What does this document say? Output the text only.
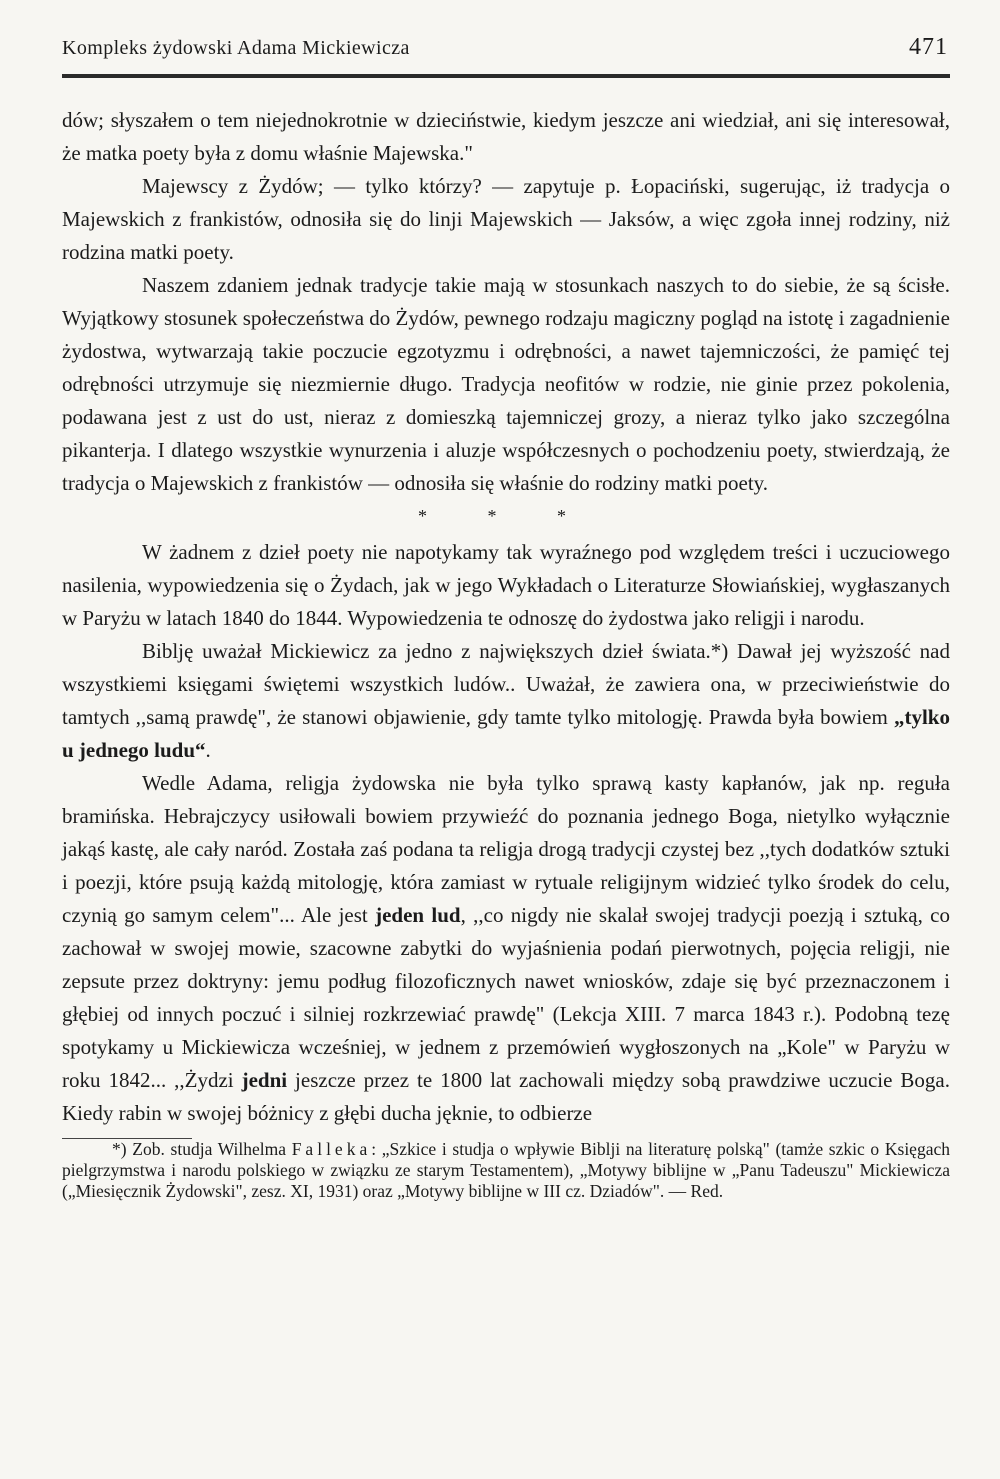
Kompleks żydowski Adama Mickiewicza	471

dów; słyszałem o tem niejednokrotnie w dzieciństwie, kiedym jeszcze ani wiedział, ani się interesował, że matka poety była z domu właśnie Majewska."

Majewscy z Żydów; — tylko którzy? — zapytuje p. Łopaciński, sugerując, iż tradycja o Majewskich z frankistów, odnosiła się do linji Majewskich — Jaksów, a więc zgoła innej rodziny, niż rodzina matki poety.

Naszem zdaniem jednak tradycje takie mają w stosunkach naszych to do siebie, że są ścisłe. Wyjątkowy stosunek społeczeństwa do Żydów, pewnego rodzaju magiczny pogląd na istotę i zagadnienie żydostwa, wytwarzają takie poczucie egzotyzmu i odrębności, a nawet tajemniczości, że pamięć tej odrębności utrzymuje się niezmiernie długo. Tradycja neofitów w rodzie, nie ginie przez pokolenia, podawana jest z ust do ust, nieraz z domieszką tajemniczej grozy, a nieraz tylko jako szczególna pikanterja. I dlatego wszystkie wynurzenia i aluzje współczesnych o pochodzeniu poety, stwierdzają, że tradycja o Majewskich z frankistów — odnosiła się właśnie do rodziny matki poety.

* * *

W żadnem z dzieł poety nie napotykamy tak wyraźnego pod względem treści i uczuciowego nasilenia, wypowiedzenia się o Żydach, jak w jego Wykładach o Literaturze Słowiańskiej, wygłaszanych w Paryżu w latach 1840 do 1844. Wypowiedzenia te odnoszę do żydostwa jako religji i narodu.

Biblję uważał Mickiewicz za jedno z największych dzieł świata.*) Dawał jej wyższość nad wszystkiemi księgami świętemi wszystkich ludów.. Uważał, że zawiera ona, w przeciwieństwie do tamtych ,,samą prawdę", że stanowi objawienie, gdy tamte tylko mitologję. Prawda była bowiem „tylko u jednego ludu“.

Wedle Adama, religja żydowska nie była tylko sprawą kasty kapłanów, jak np. reguła bramińska. Hebrajczycy usiłowali bowiem przywieźć do poznania jednego Boga, nietylko wyłącznie jakąś kastę, ale cały naród. Została zaś podana ta religja drogą tradycji czystej bez ,,tych dodatków sztuki i poezji, które psują każdą mitologję, która zamiast w rytuale religijnym widzieć tylko środek do celu, czynią go samym celem"... Ale jest jeden lud, ,,co nigdy nie skalał swojej tradycji poezją i sztuką, co zachował w swojej mowie, szacowne zabytki do wyjaśnienia podań pierwotnych, pojęcia religji, nie zepsute przez doktryny: jemu podług filozoficznych nawet wniosków, zdaje się być przeznaczonem i głębiej od innych poczuć i silniej rozkrzewiać prawdę" (Lekcja XIII. 7 marca 1843 r.). Podobną tezę spotykamy u Mickiewicza wcześniej, w jednem z przemówień wygłoszonych na „Kole" w Paryżu w roku 1842... ,,Żydzi jedni jeszcze przez te 1800 lat zachowali między sobą prawdziwe uczucie Boga. Kiedy rabin w swojej bóżnicy z głębi ducha jęknie, to odbierze

*) Zob. studja Wilhelma Falleka: „Szkice i studja o wpływie Biblji na literaturę polską" (tamże szkic o Księgach pielgrzymstwa i narodu polskiego w związku ze starym Testamentem), „Motywy biblijne w „Panu Tadeuszu" Mickiewicza („Miesięcznik Żydowski", zesz. XI, 1931) oraz „Motywy biblijne w III cz. Dziadów". — Red.
